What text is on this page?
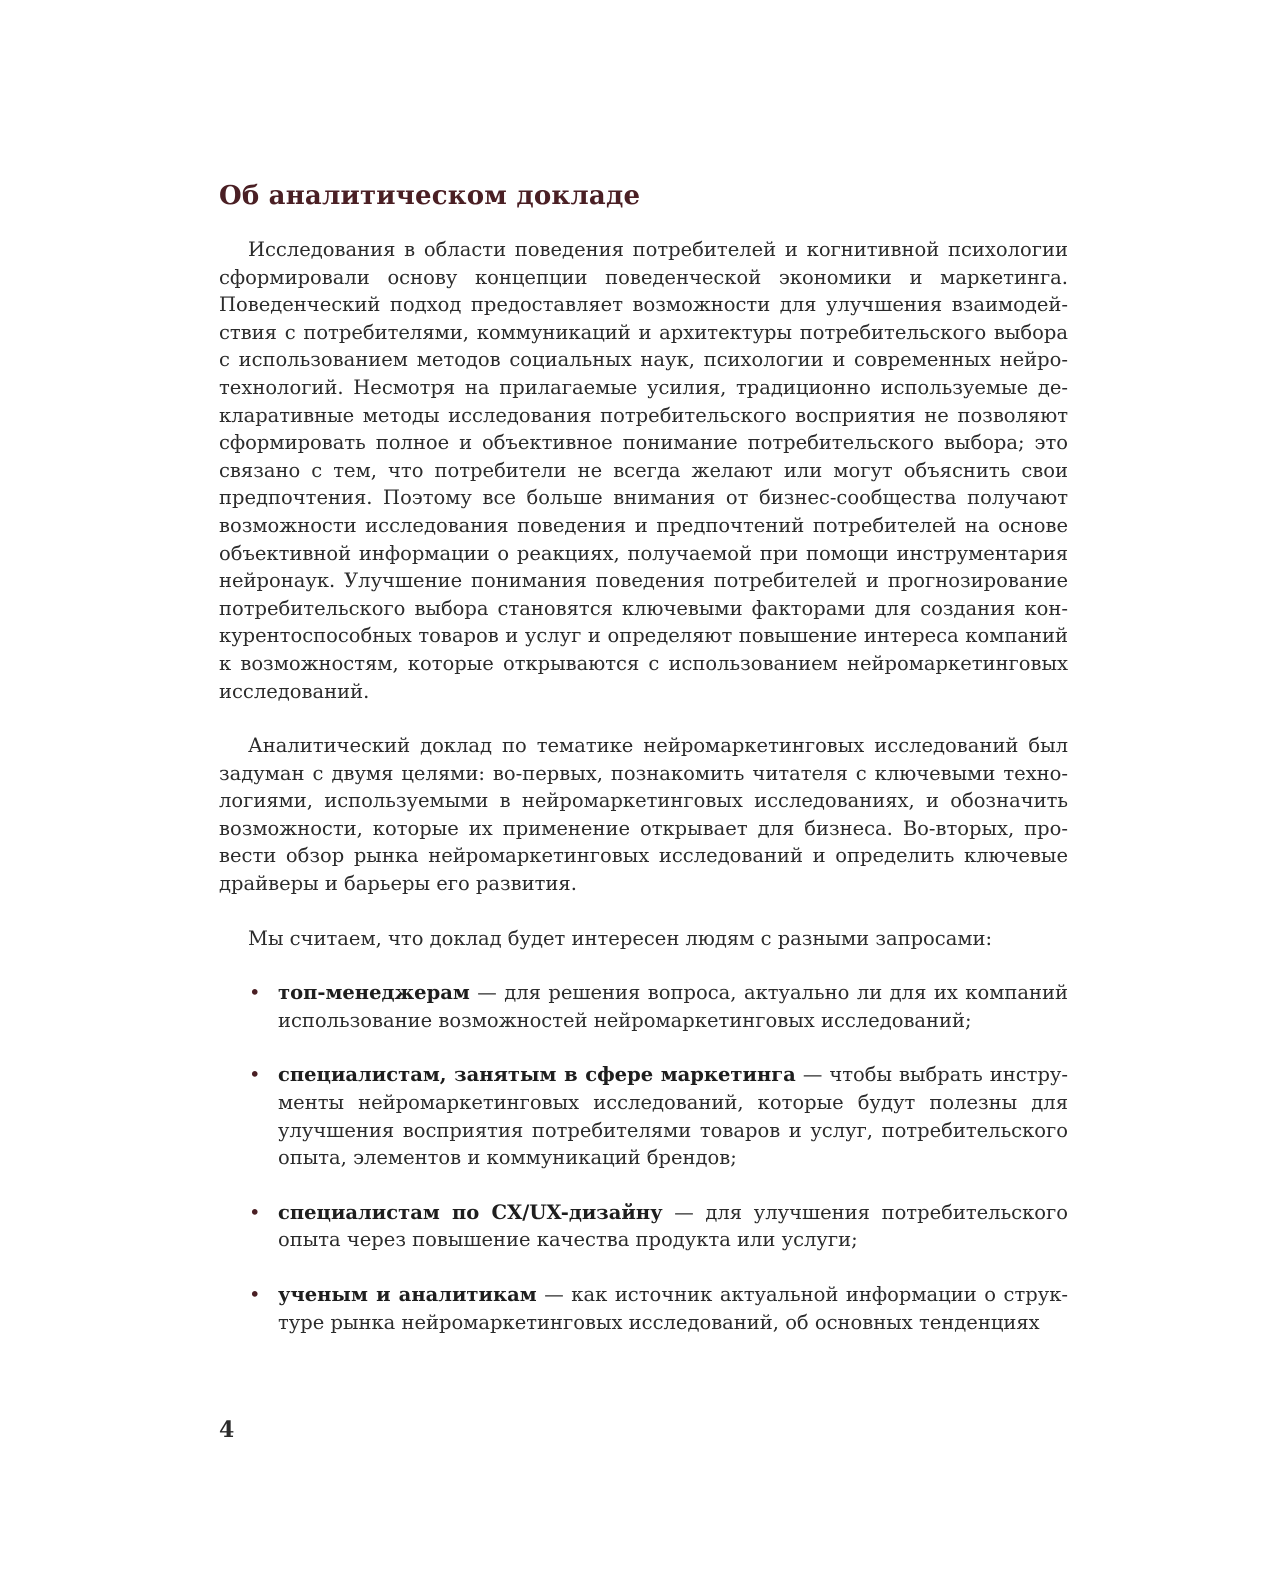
Об аналитическом докладе

Исследования в области поведения потребителей и когнитивной психологии сформировали основу концепции поведенческой экономики и маркетинга. Поведенческий подход предоставляет возможности для улучшения взаимодействия с потребителями, коммуникаций и архитектуры потребительского выбора с использованием методов социальных наук, психологии и современных нейротехнологий. Несмотря на прилагаемые усилия, традиционно используемые декларативные методы исследования потребительского восприятия не позволяют сформировать полное и объективное понимание потребительского выбора; это связано с тем, что потребители не всегда желают или могут объяснить свои предпочтения. Поэтому все больше внимания от бизнес-сообщества получают возможности исследования поведения и предпочтений потребителей на основе объективной информации о реакциях, получаемой при помощи инструментария нейронаук. Улучшение понимания поведения потребителей и прогнозирование потребительского выбора становятся ключевыми факторами для создания конкурентоспособных товаров и услуг и определяют повышение интереса компаний к возможностям, которые открываются с использованием нейромаркетинговых исследований.

Аналитический доклад по тематике нейромаркетинговых исследований был задуман с двумя целями: во-первых, познакомить читателя с ключевыми технологиями, используемыми в нейромаркетинговых исследованиях, и обозначить возможности, которые их применение открывает для бизнеса. Во-вторых, провести обзор рынка нейромаркетинговых исследований и определить ключевые драйверы и барьеры его развития.

Мы считаем, что доклад будет интересен людям с разными запросами:

• топ-менеджерам — для решения вопроса, актуально ли для их компаний использование возможностей нейромаркетинговых исследований;
• специалистам, занятым в сфере маркетинга — чтобы выбрать инструменты нейромаркетинговых исследований, которые будут полезны для улучшения восприятия потребителями товаров и услуг, потребительского опыта, элементов и коммуникаций брендов;
• специалистам по CX/UX-дизайну — для улучшения потребительского опыта через повышение качества продукта или услуги;
• ученым и аналитикам — как источник актуальной информации о структуре рынка нейромаркетинговых исследований, об основных тенденциях
4
